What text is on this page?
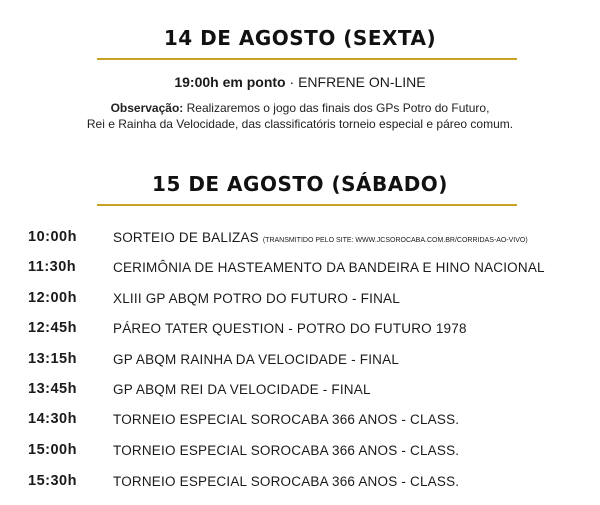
14 DE AGOSTO (SEXTA)
19:00h em ponto · ENFRENE ON-LINE
Observação: Realizaremos o jogo das finais dos GPs Potro do Futuro,
Rei e Rainha da Velocidade, das classificatóris torneio especial e páreo comum.
15 DE AGOSTO (SÁBADO)
10:00h	SORTEIO DE BALIZAS (TRANSMITIDO PELO SITE: WWW.JCSOROCABA.COM.BR/CORRIDAS-AO-VIVO)
11:30h	CERIMÔNIA DE HASTEAMENTO DA BANDEIRA E HINO NACIONAL
12:00h	XLIII GP ABQM POTRO DO FUTURO - FINAL
12:45h	PÁREO TATER QUESTION - POTRO DO FUTURO 1978
13:15h	GP ABQM RAINHA DA VELOCIDADE - FINAL
13:45h	GP ABQM REI DA VELOCIDADE - FINAL
14:30h	TORNEIO ESPECIAL SOROCABA 366 ANOS - CLASS.
15:00h	TORNEIO ESPECIAL SOROCABA 366 ANOS - CLASS.
15:30h	TORNEIO ESPECIAL SOROCABA 366 ANOS - CLASS.
